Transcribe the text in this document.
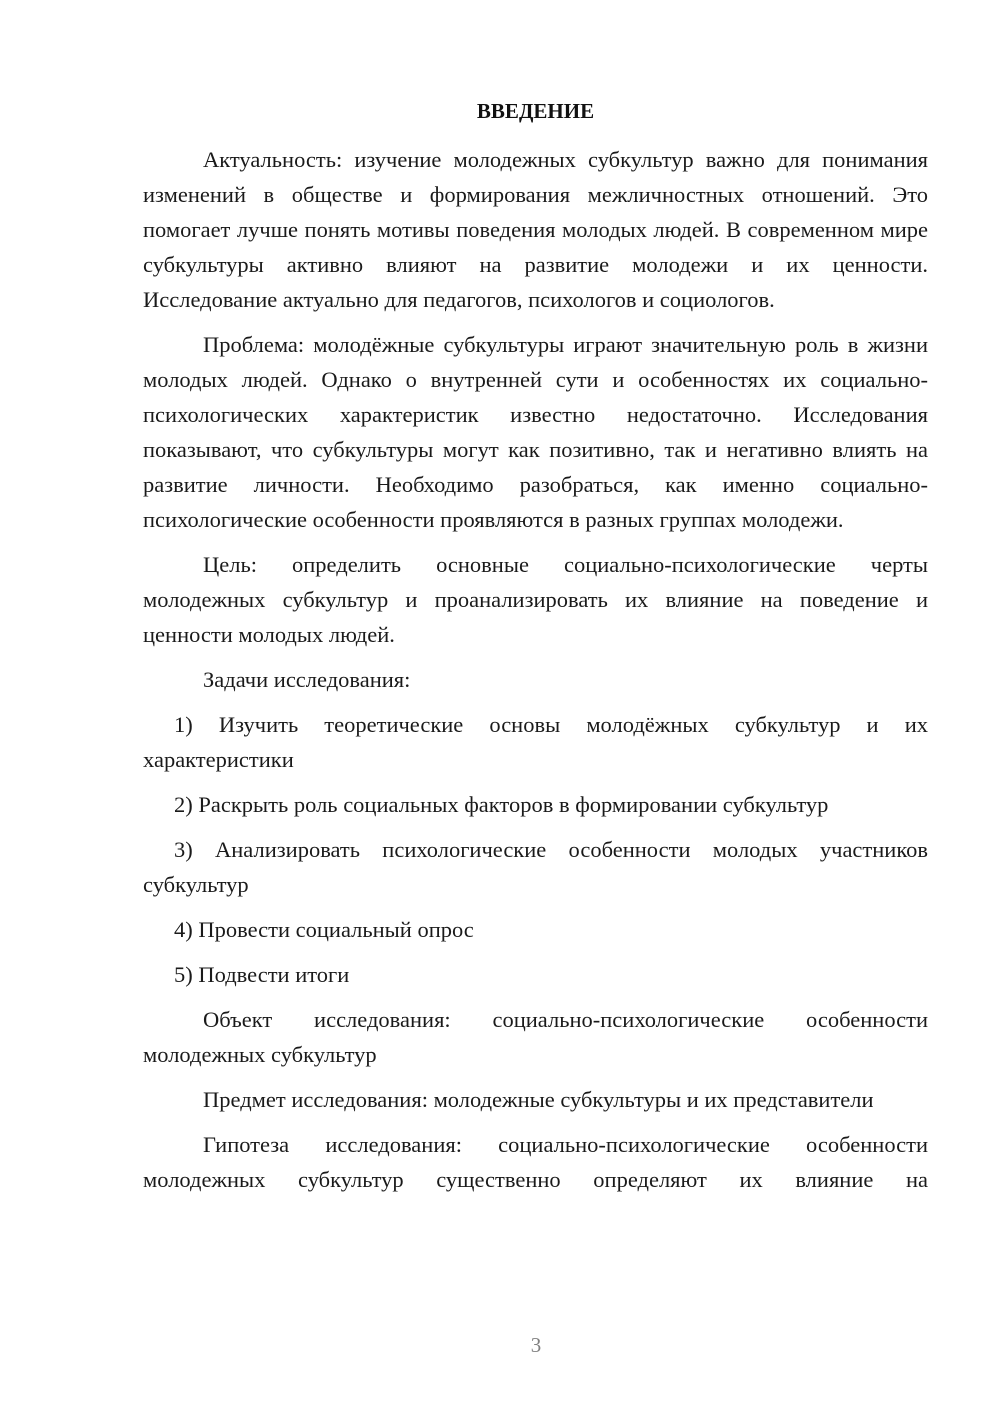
ВВЕДЕНИЕ

Актуальность: изучение молодежных субкультур важно для понимания изменений в обществе и формирования межличностных отношений. Это помогает лучше понять мотивы поведения молодых людей. В современном мире субкультуры активно влияют на развитие молодежи и их ценности. Исследование актуально для педагогов, психологов и социологов.

Проблема: молодёжные субкультуры играют значительную роль в жизни молодых людей. Однако о внутренней сути и особенностях их социально-психологических характеристик известно недостаточно. Исследования показывают, что субкультуры могут как позитивно, так и негативно влиять на развитие личности. Необходимо разобраться, как именно социально-психологические особенности проявляются в разных группах молодежи.

Цель: определить основные социально-психологические черты молодежных субкультур и проанализировать их влияние на поведение и ценности молодых людей.

Задачи исследования:

1) Изучить теоретические основы молодёжных субкультур и их характеристики
2) Раскрыть роль социальных факторов в формировании субкультур
3) Анализировать психологические особенности молодых участников субкультур
4) Провести социальный опрос
5) Подвести итоги

Объект исследования: социально-психологические особенности молодежных субкультур

Предмет исследования: молодежные субкультуры и их представители

Гипотеза исследования: социально-психологические особенности молодежных субкультур существенно определяют их влияние на

3
